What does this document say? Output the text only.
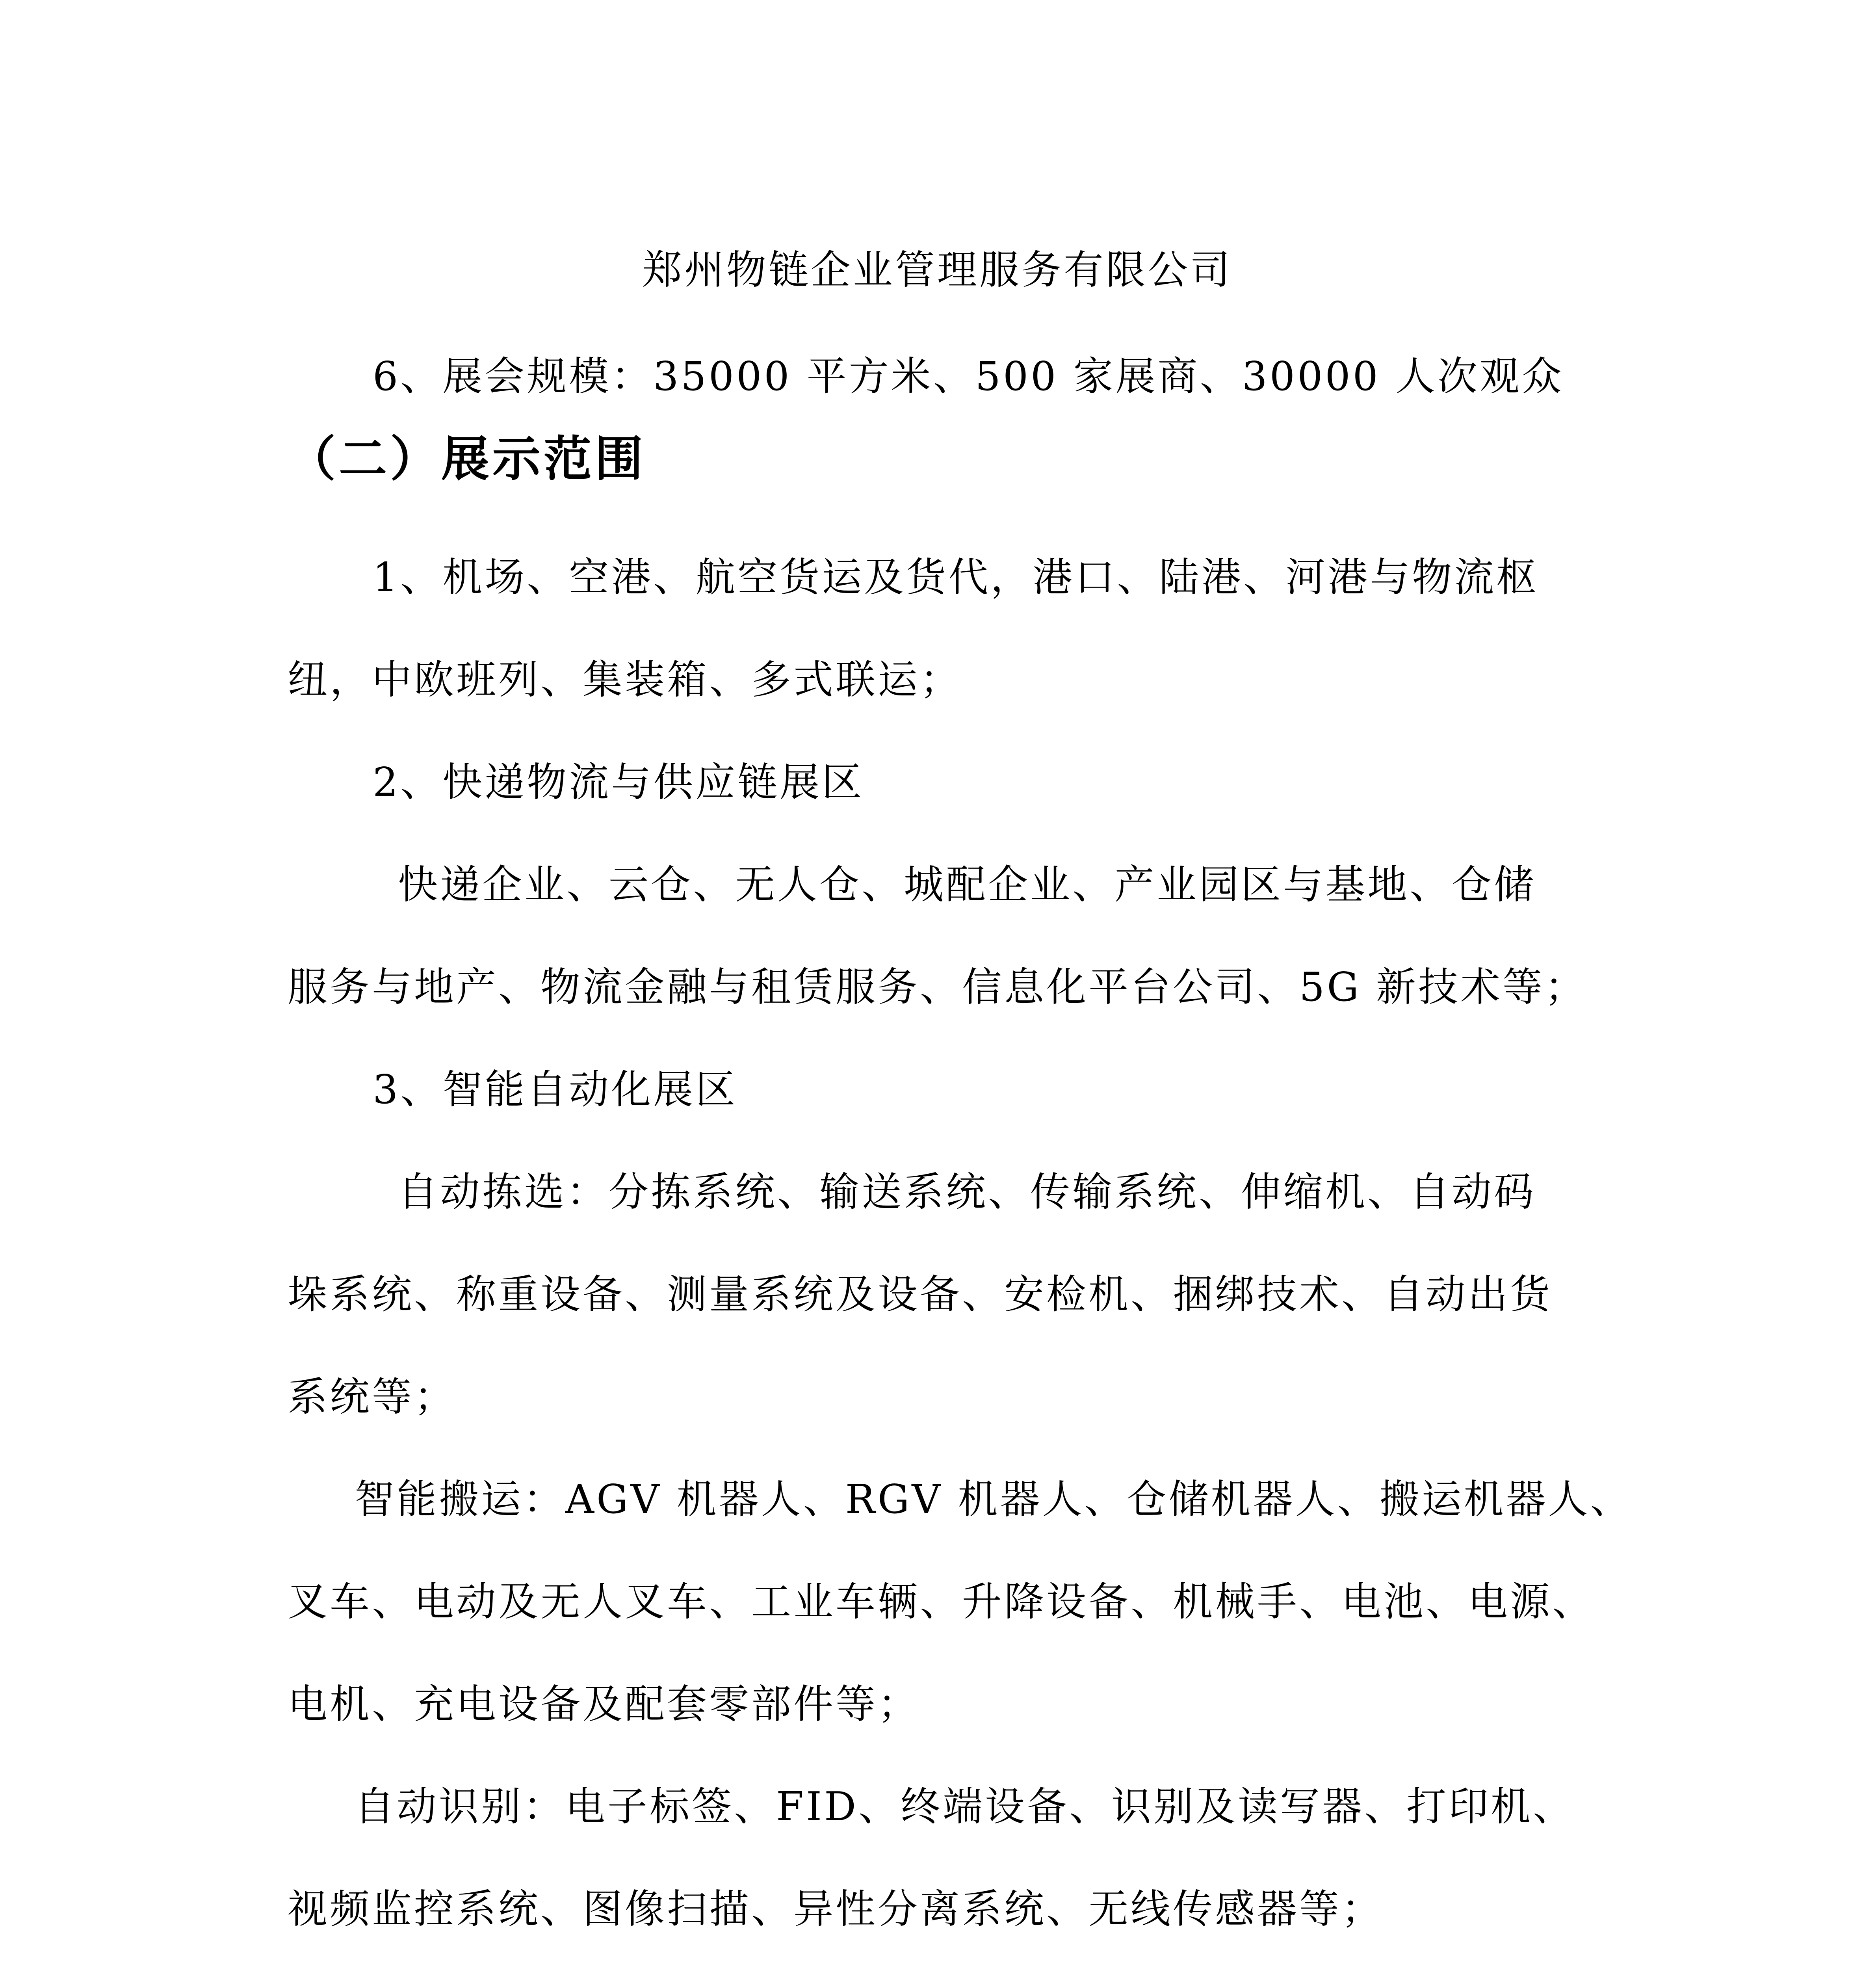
郑州物链企业管理服务有限公司

6、展会规模：35000 平方米、500 家展商、30000 人次观众

（二）展示范围

1、机场、空港、航空货运及货代，港口、陆港、河港与物流枢

纽，中欧班列、集装箱、多式联运；

2、快递物流与供应链展区

快递企业、云仓、无人仓、城配企业、产业园区与基地、仓储

服务与地产、物流金融与租赁服务、信息化平台公司、5G 新技术等；

3、智能自动化展区

自动拣选：分拣系统、输送系统、传输系统、伸缩机、自动码

垛系统、称重设备、测量系统及设备、安检机、捆绑技术、自动出货

系统等；

智能搬运：AGV 机器人、RGV 机器人、仓储机器人、搬运机器人、

叉车、电动及无人叉车、工业车辆、升降设备、机械手、电池、电源、

电机、充电设备及配套零部件等；

自动识别：电子标签、FID、终端设备、识别及读写器、打印机、

视频监控系统、图像扫描、异性分离系统、无线传感器等；
